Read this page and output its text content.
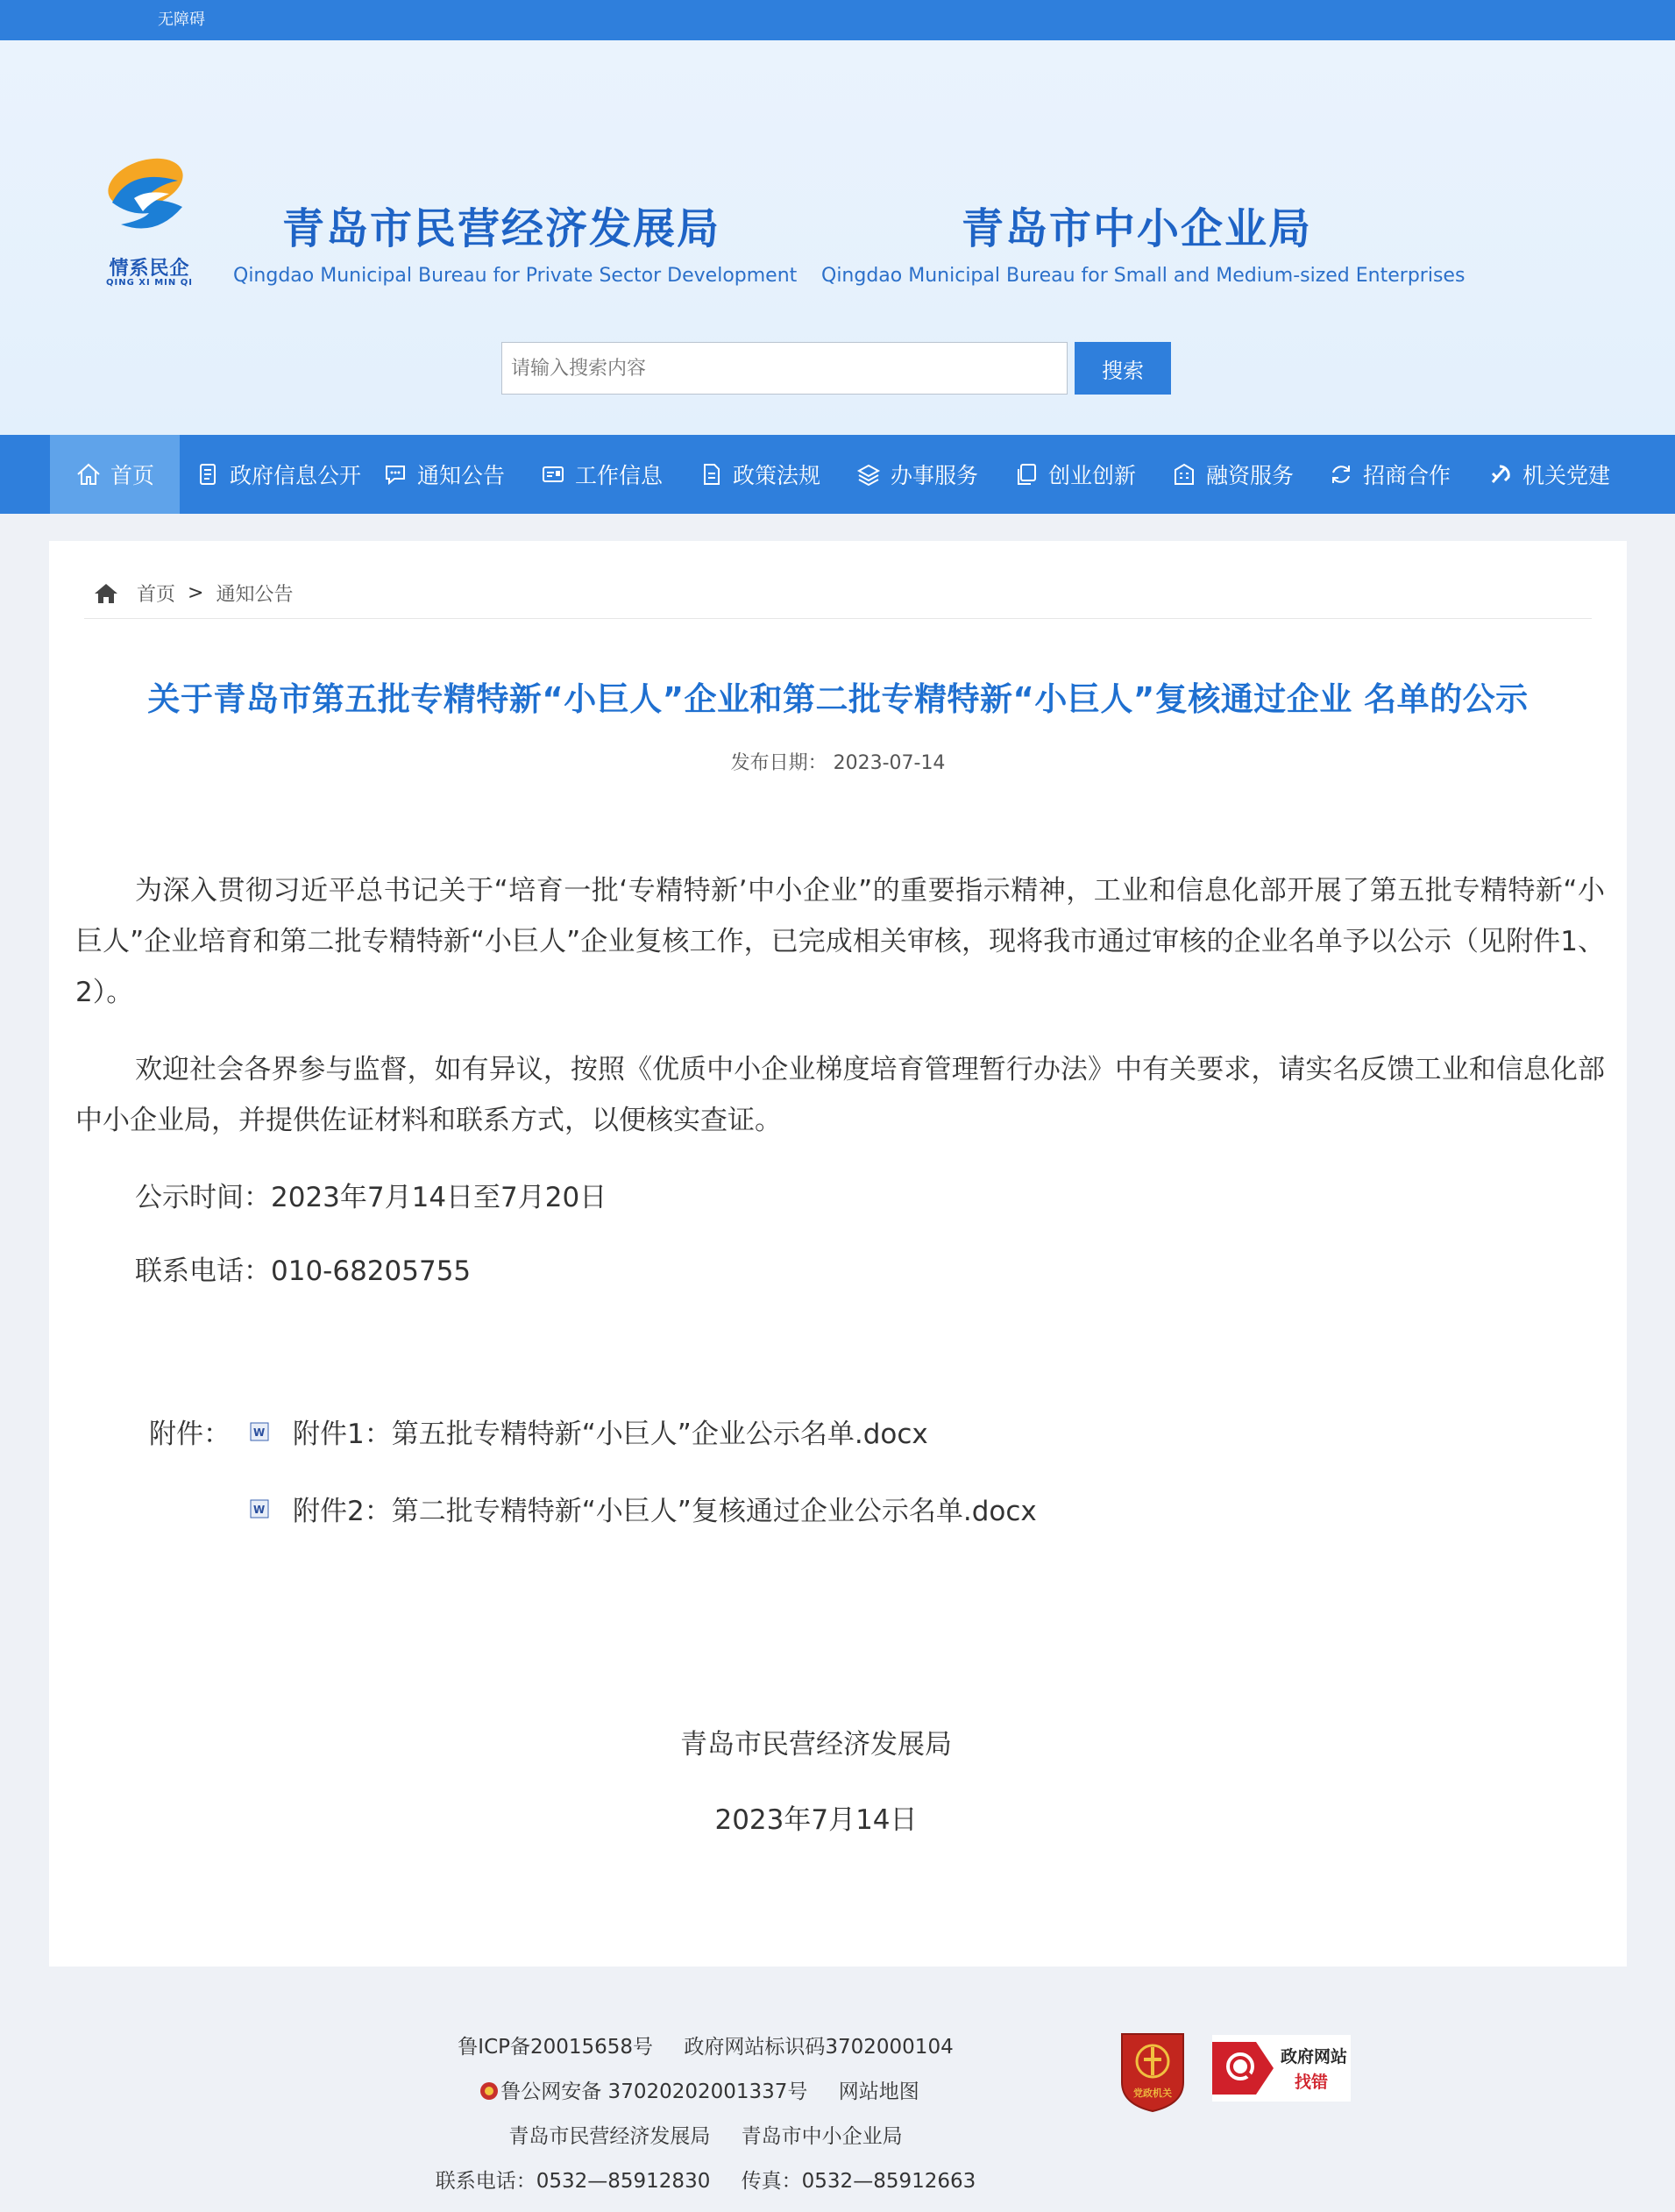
无障碍
情系民企
QING XI MIN QI
青岛市民营经济发展局
Qingdao Municipal Bureau for Private Sector Development
青岛市中小企业局
Qingdao Municipal Bureau for Small and Medium-sized Enterprises
请输入搜索内容
搜索
首页	政府信息公开	通知公告	工作信息	政策法规	办事服务	创业创新	融资服务	招商合作	机关党建
首页 > 通知公告
关于青岛市第五批专精特新“小巨人”企业和第二批专精特新“小巨人”复核通过企业 名单的公示
发布日期： 2023-07-14

为深入贯彻习近平总书记关于“培育一批‘专精特新’中小企业”的重要指示精神，工业和信息化部开展了第五批专精特新“小巨人”企业培育和第二批专精特新“小巨人”企业复核工作，已完成相关审核，现将我市通过审核的企业名单予以公示（见附件1、2）。

欢迎社会各界参与监督，如有异议，按照《优质中小企业梯度培育管理暂行办法》中有关要求，请实名反馈工业和信息化部中小企业局，并提供佐证材料和联系方式，以便核实查证。

公示时间：2023年7月14日至7月20日

联系电话：010-68205755

附件： W 附件1：第五批专精特新“小巨人”企业公示名单.docx
W 附件2：第二批专精特新“小巨人”复核通过企业公示名单.docx
青岛市民营经济发展局
2023年7月14日
鲁ICP备20015658号 政府网站标识码3702000104
鲁公网安备 37020202001337号 网站地图
青岛市民营经济发展局 青岛市中小企业局
联系电话：0532—85912830 传真：0532—85912663
党政机关
政府网站
找错
